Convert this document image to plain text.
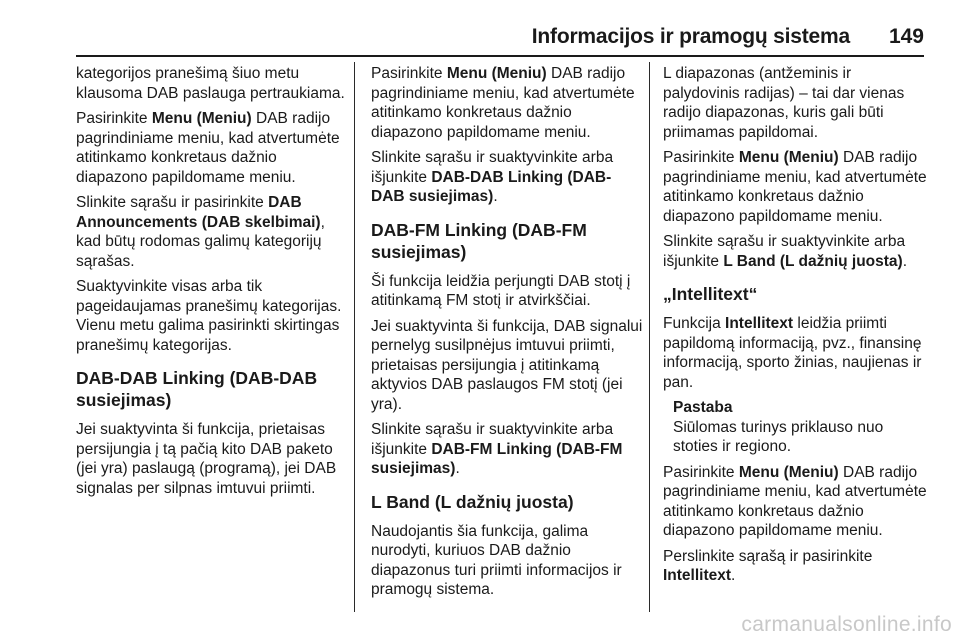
Informacijos ir pramogų sistema 149

kategorijos pranešimą šiuo metu klausoma DAB paslauga pertraukiama.

Pasirinkite Menu (Meniu) DAB radijo pagrindiniame meniu, kad atvertumėte atitinkamo konkretaus dažnio diapazono papildomame meniu.

Slinkite sąrašu ir pasirinkite DAB Announcements (DAB skelbimai), kad būtų rodomas galimų kategorijų sąrašas.

Suaktyvinkite visas arba tik pageidaujamas pranešimų kategorijas. Vienu metu galima pasirinkti skirtingas pranešimų kategorijas.

DAB-DAB Linking (DAB-DAB susiejimas)

Jei suaktyvinta ši funkcija, prietaisas persijungia į tą pačią kito DAB paketo (jei yra) paslaugą (programą), jei DAB signalas per silpnas imtuvui priimti.

Pasirinkite Menu (Meniu) DAB radijo pagrindiniame meniu, kad atvertumėte atitinkamo konkretaus dažnio diapazono papildomame meniu.

Slinkite sąrašu ir suaktyvinkite arba išjunkite DAB-DAB Linking (DAB-DAB susiejimas).

DAB-FM Linking (DAB-FM susiejimas)

Ši funkcija leidžia perjungti DAB stotį į atitinkamą FM stotį ir atvirkščiai.

Jei suaktyvinta ši funkcija, DAB signalui pernelyg susilpnėjus imtuvui priimti, prietaisas persijungia į atitinkamą aktyvios DAB paslaugos FM stotį (jei yra).

Slinkite sąrašu ir suaktyvinkite arba išjunkite DAB-FM Linking (DAB-FM susiejimas).

L Band (L dažnių juosta)

Naudojantis šia funkcija, galima nurodyti, kuriuos DAB dažnio diapazonus turi priimti informacijos ir pramogų sistema.

L diapazonas (antžeminis ir palydovinis radijas) – tai dar vienas radijo diapazonas, kuris gali būti priimamas papildomai.

Pasirinkite Menu (Meniu) DAB radijo pagrindiniame meniu, kad atvertumėte atitinkamo konkretaus dažnio diapazono papildomame meniu.

Slinkite sąrašu ir suaktyvinkite arba išjunkite L Band (L dažnių juosta).

„Intellitext“

Funkcija Intellitext leidžia priimti papildomą informaciją, pvz., finansinę informaciją, sporto žinias, naujienas ir pan.

Pastaba
Siūlomas turinys priklauso nuo stoties ir regiono.

Pasirinkite Menu (Meniu) DAB radijo pagrindiniame meniu, kad atvertumėte atitinkamo konkretaus dažnio diapazono papildomame meniu.

Perslinkite sąrašą ir pasirinkite Intellitext.

carmanualsonline.info
